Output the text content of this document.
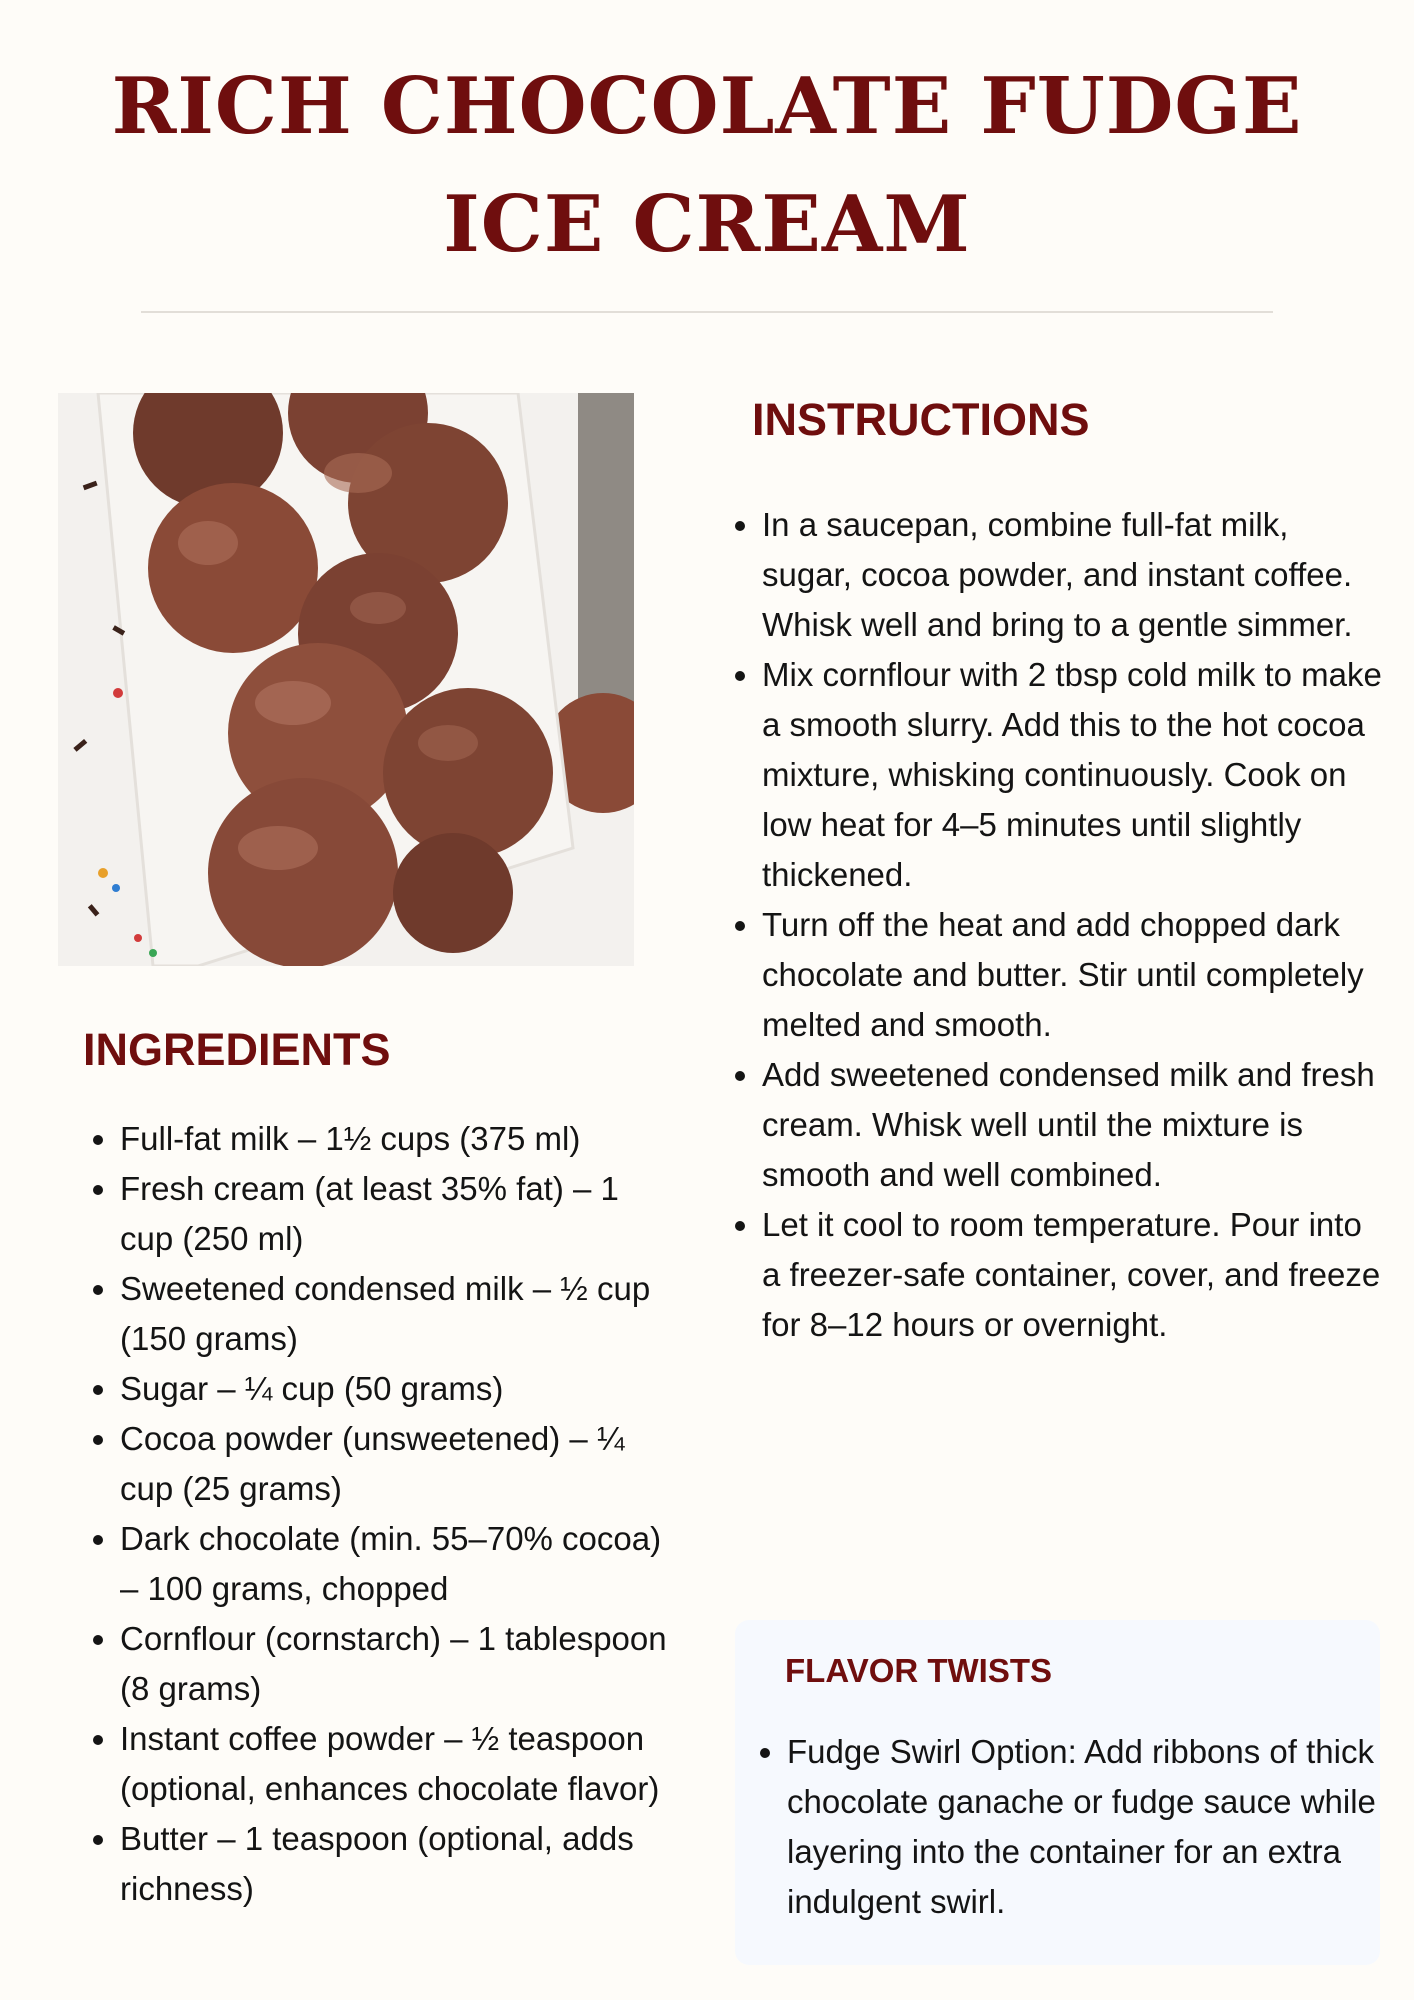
RICH CHOCOLATE FUDGE
ICE CREAM
INGREDIENTS
• Full-fat milk – 1½ cups (375 ml)
• Fresh cream (at least 35% fat) – 1 cup (250 ml)
• Sweetened condensed milk – ½ cup (150 grams)
• Sugar – ¼ cup (50 grams)
• Cocoa powder (unsweetened) – ¼ cup (25 grams)
• Dark chocolate (min. 55–70% cocoa) – 100 grams, chopped
• Cornflour (cornstarch) – 1 tablespoon (8 grams)
• Instant coffee powder – ½ teaspoon (optional, enhances chocolate flavor)
• Butter – 1 teaspoon (optional, adds richness)
INSTRUCTIONS
• In a saucepan, combine full-fat milk, sugar, cocoa powder, and instant coffee. Whisk well and bring to a gentle simmer.
• Mix cornflour with 2 tbsp cold milk to make a smooth slurry. Add this to the hot cocoa mixture, whisking continuously. Cook on low heat for 4–5 minutes until slightly thickened.
• Turn off the heat and add chopped dark chocolate and butter. Stir until completely melted and smooth.
• Add sweetened condensed milk and fresh cream. Whisk well until the mixture is smooth and well combined.
• Let it cool to room temperature. Pour into a freezer-safe container, cover, and freeze for 8–12 hours or overnight.
FLAVOR TWISTS
• Fudge Swirl Option: Add ribbons of thick chocolate ganache or fudge sauce while layering into the container for an extra indulgent swirl.
